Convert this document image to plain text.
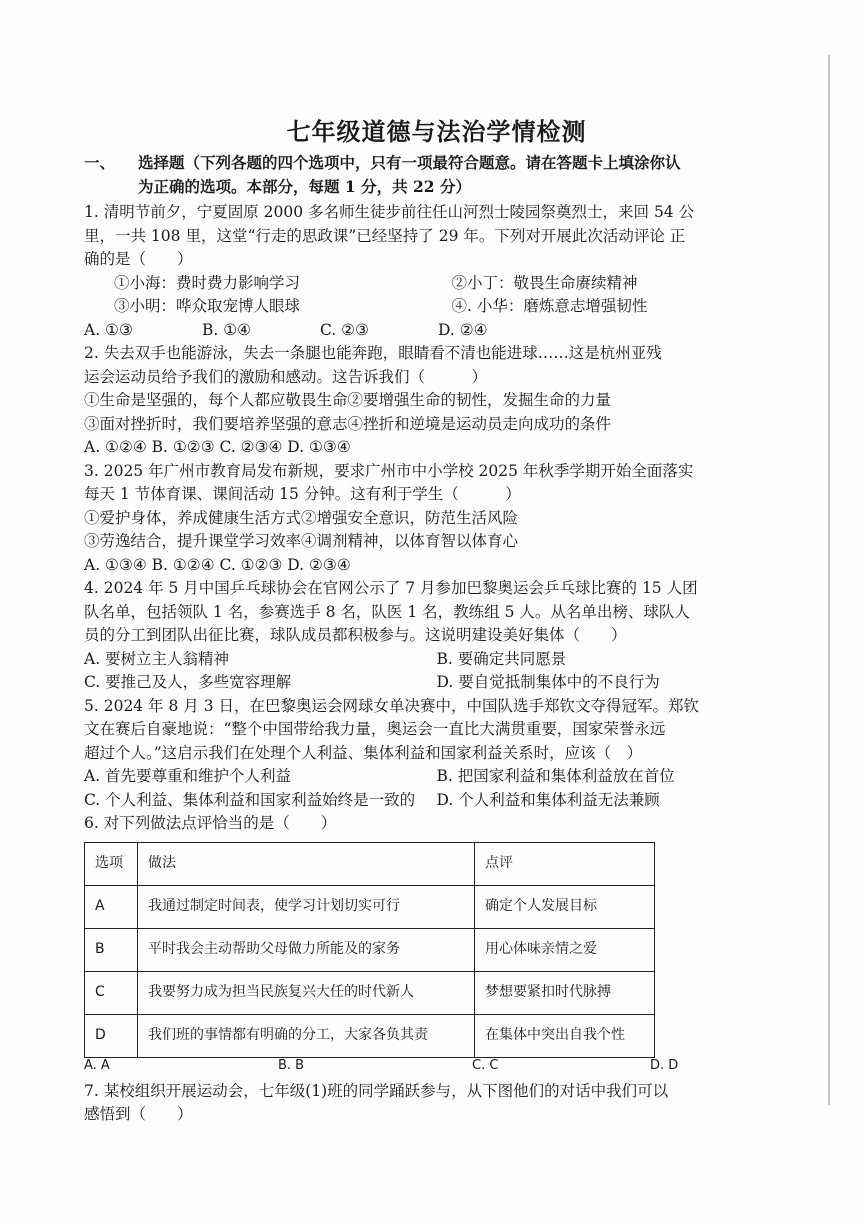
七年级道德与法治学情检测
一、 选择题（下列各题的四个选项中，只有一项最符合题意。请在答题卡上填涂你认
为正确的选项。本部分，每题 1 分，共 22 分）
1. 清明节前夕，宁夏固原 2000 多名师生徒步前往任山河烈士陵园祭奠烈士，来回 54 公
里，一共 108 里，这堂“行走的思政课”已经坚持了 29 年。下列对开展此次活动评论 正
确的是（　　）
①小海：费时费力影响学习	②小丁：敬畏生命赓续精神
③小明：哗众取宠博人眼球	④. 小华：磨炼意志增强韧性
A. ①③	B. ①④	C. ②③	D. ②④
2. 失去双手也能游泳，失去一条腿也能奔跑，眼睛看不清也能进球……这是杭州亚残
运会运动员给予我们的激励和感动。这告诉我们（　　　）
①生命是坚强的，每个人都应敬畏生命②要增强生命的韧性，发掘生命的力量
③面对挫折时，我们要培养坚强的意志④挫折和逆境是运动员走向成功的条件
A. ①②④ B. ①②③ C. ②③④ D. ①③④
3. 2025 年广州市教育局发布新规，要求广州市中小学校 2025 年秋季学期开始全面落实
每天 1 节体育课、课间活动 15 分钟。这有利于学生（　　　）
①爱护身体，养成健康生活方式②增强安全意识，防范生活风险
③劳逸结合，提升课堂学习效率④调剂精神，以体育智以体育心
A. ①③④ B. ①②④ C. ①②③ D. ②③④
4. 2024 年 5 月中国乒乓球协会在官网公示了 7 月参加巴黎奥运会乒乓球比赛的 15 人团
队名单，包括领队 1 名，参赛选手 8 名，队医 1 名，教练组 5 人。从名单出榜、球队人
员的分工到团队出征比赛，球队成员都积极参与。这说明建设美好集体（　　）
A. 要树立主人翁精神	B. 要确定共同愿景
C. 要推己及人，多些宽容理解	D. 要自觉抵制集体中的不良行为
5. 2024 年 8 月 3 日，在巴黎奥运会网球女单决赛中，中国队选手郑钦文夺得冠军。郑钦
文在赛后自豪地说：“整个中国带给我力量，奥运会一直比大满贯重要，国家荣誉永远
超过个人。”这启示我们在处理个人利益、集体利益和国家利益关系时，应该（　）
A. 首先要尊重和维护个人利益	B. 把国家利益和集体利益放在首位
C. 个人利益、集体利益和国家利益始终是一致的	D. 个人利益和集体利益无法兼顾
6. 对下列做法点评恰当的是（　　）
选项	做法	点评
A	我通过制定时间表，使学习计划切实可行	确定个人发展目标
B	平时我会主动帮助父母做力所能及的家务	用心体味亲情之爱
C	我要努力成为担当民族复兴大任的时代新人	梦想要紧扣时代脉搏
D	我们班的事情都有明确的分工，大家各负其责	在集体中突出自我个性
A. A	B. B	C. C	D. D
7. 某校组织开展运动会，七年级(1)班的同学踊跃参与，从下图他们的对话中我们可以
感悟到（　　）
